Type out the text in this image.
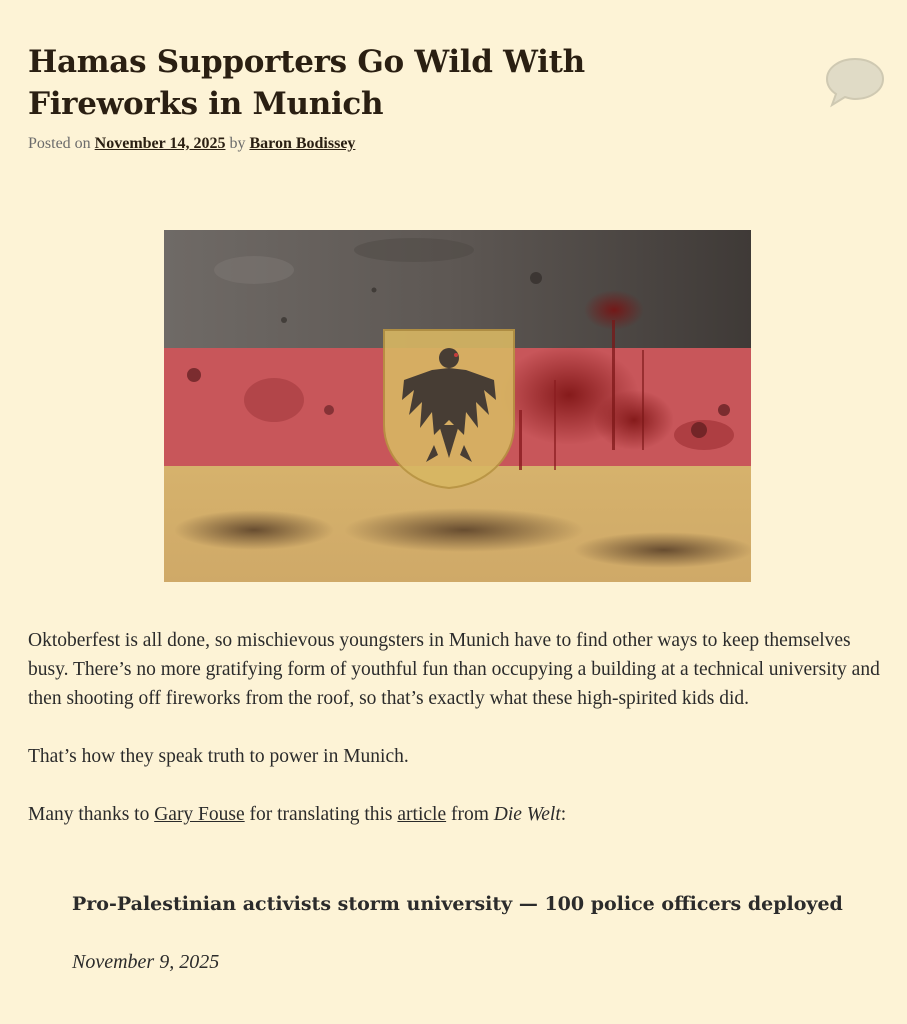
Hamas Supporters Go Wild With Fireworks in Munich
Posted on November 14, 2025 by Baron Bodissey

Oktoberfest is all done, so mischievous youngsters in Munich have to find other ways to keep themselves busy. There’s no more gratifying form of youthful fun than occupying a building at a technical university and then shooting off fireworks from the roof, so that’s exactly what these high-spirited kids did.

That’s how they speak truth to power in Munich.

Many thanks to Gary Fouse for translating this article from Die Welt:

Pro-Palestinian activists storm university — 100 police officers deployed

November 9, 2025
